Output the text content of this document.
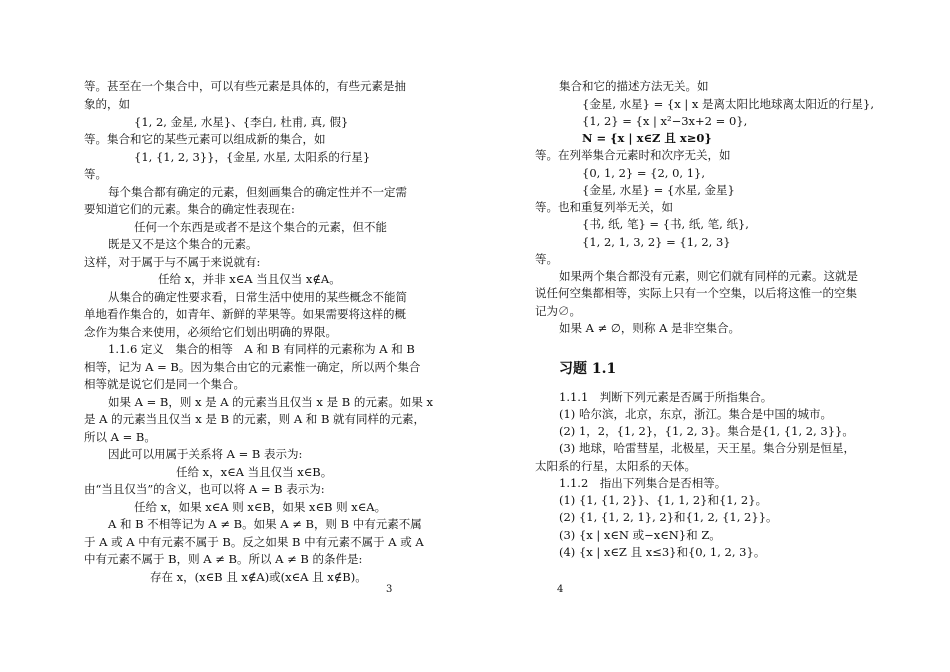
等。甚至在一个集合中，可以有些元素是具体的，有些元素是抽
象的，如
{1, 2, 金星, 水星}、{李白, 杜甫, 真, 假}
等。集合和它的某些元素可以组成新的集合，如
{1, {1, 2, 3}}，{金星, 水星, 太阳系的行星}
等。
每个集合都有确定的元素，但刻画集合的确定性并不一定需
要知道它们的元素。集合的确定性表现在:
任何一个东西是或者不是这个集合的元素，但不能
既是又不是这个集合的元素。
这样，对于属于与不属于来说就有:
任给 x，并非 x∈A 当且仅当 x∉A。
从集合的确定性要求看，日常生活中使用的某些概念不能简
单地看作集合的，如青年、新鲜的苹果等。如果需要将这样的概
念作为集合来使用，必须给它们划出明确的界限。
1.1.6 定义　集合的相等　A 和 B 有同样的元素称为 A 和 B
相等，记为 A = B。因为集合由它的元素惟一确定，所以两个集合
相等就是说它们是同一个集合。
如果 A = B，则 x 是 A 的元素当且仅当 x 是 B 的元素。如果 x
是 A 的元素当且仅当 x 是 B 的元素，则 A 和 B 就有同样的元素，
所以 A = B。
因此可以用属于关系将 A = B 表示为:
任给 x，x∈A 当且仅当 x∈B。
由“当且仅当”的含义，也可以将 A = B 表示为:
任给 x，如果 x∈A 则 x∈B，如果 x∈B 则 x∈A。
A 和 B 不相等记为 A ≠ B。如果 A ≠ B，则 B 中有元素不属
于 A 或 A 中有元素不属于 B。反之如果 B 中有元素不属于 A 或 A
中有元素不属于 B，则 A ≠ B。所以 A ≠ B 的条件是:
存在 x，(x∈B 且 x∉A)或(x∈A 且 x∉B)。
3
集合和它的描述方法无关。如
{金星, 水星} = {x | x 是离太阳比地球离太阳近的行星},
{1, 2} = {x | x²−3x+2 = 0},
N = {x | x∈Z 且 x≥0}
等。在列举集合元素时和次序无关，如
{0, 1, 2} = {2, 0, 1},
{金星, 水星} = {水星, 金星}
等。也和重复列举无关，如
{书, 纸, 笔} = {书, 纸, 笔, 纸},
{1, 2, 1, 3, 2} = {1, 2, 3}
等。
如果两个集合都没有元素，则它们就有同样的元素。这就是
说任何空集都相等，实际上只有一个空集，以后将这惟一的空集
记为∅。
如果 A ≠ ∅，则称 A 是非空集合。
习题 1.1
1.1.1　判断下列元素是否属于所指集合。
(1) 哈尔滨，北京，东京，浙江。集合是中国的城市。
(2) 1，2，{1, 2}，{1, 2, 3}。集合是{1, {1, 2, 3}}。
(3) 地球，哈雷彗星，北极星，天王星。集合分别是恒星，
太阳系的行星，太阳系的天体。
1.1.2　指出下列集合是否相等。
(1) {1, {1, 2}}、{1, 1, 2}和{1, 2}。
(2) {1, {1, 2, 1}, 2}和{1, 2, {1, 2}}。
(3) {x | x∈N 或−x∈N}和 Z。
(4) {x | x∈Z 且 x≤3}和{0, 1, 2, 3}。
4
